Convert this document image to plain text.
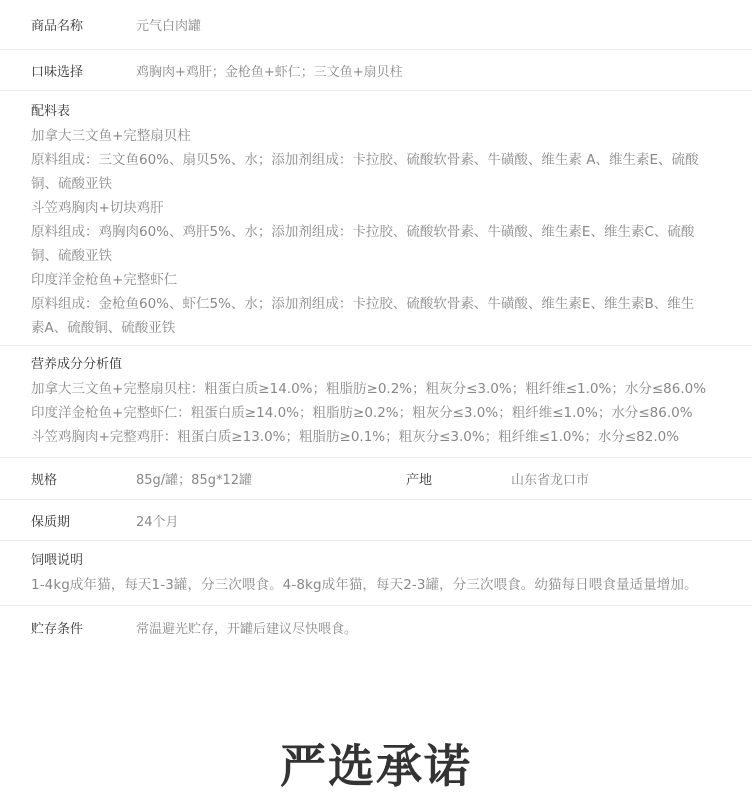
商品名称	元气白肉罐
口味选择	鸡胸肉+鸡肝；金枪鱼+虾仁；三文鱼+扇贝柱
配料表
加拿大三文鱼+完整扇贝柱
原料组成：三文鱼60%、扇贝5%、水；添加剂组成：卡拉胶、硫酸软骨素、牛磺酸、维生素 A、维生素E、硫酸
铜、硫酸亚铁
斗笠鸡胸肉+切块鸡肝
原料组成：鸡胸肉60%、鸡肝5%、水；添加剂组成：卡拉胶、硫酸软骨素、牛磺酸、维生素E、维生素C、硫酸
铜、硫酸亚铁
印度洋金枪鱼+完整虾仁
原料组成：金枪鱼60%、虾仁5%、水；添加剂组成：卡拉胶、硫酸软骨素、牛磺酸、维生素E、维生素B、维生
素A、硫酸铜、硫酸亚铁
营养成分分析值
加拿大三文鱼+完整扇贝柱：粗蛋白质≥14.0%；粗脂肪≥0.2%；粗灰分≤3.0%；粗纤维≤1.0%；水分≤86.0%
印度洋金枪鱼+完整虾仁：粗蛋白质≥14.0%；粗脂肪≥0.2%；粗灰分≤3.0%；粗纤维≤1.0%；水分≤86.0%
斗笠鸡胸肉+完整鸡肝：粗蛋白质≥13.0%；粗脂肪≥0.1%；粗灰分≤3.0%；粗纤维≤1.0%；水分≤82.0%
规格	85g/罐；85g*12罐	产地	山东省龙口市
保质期	24个月
饲喂说明
1-4kg成年猫，每天1-3罐，分三次喂食。4-8kg成年猫，每天2-3罐，分三次喂食。幼猫每日喂食量适量增加。
贮存条件	常温避光贮存，开罐后建议尽快喂食。
严选承诺
